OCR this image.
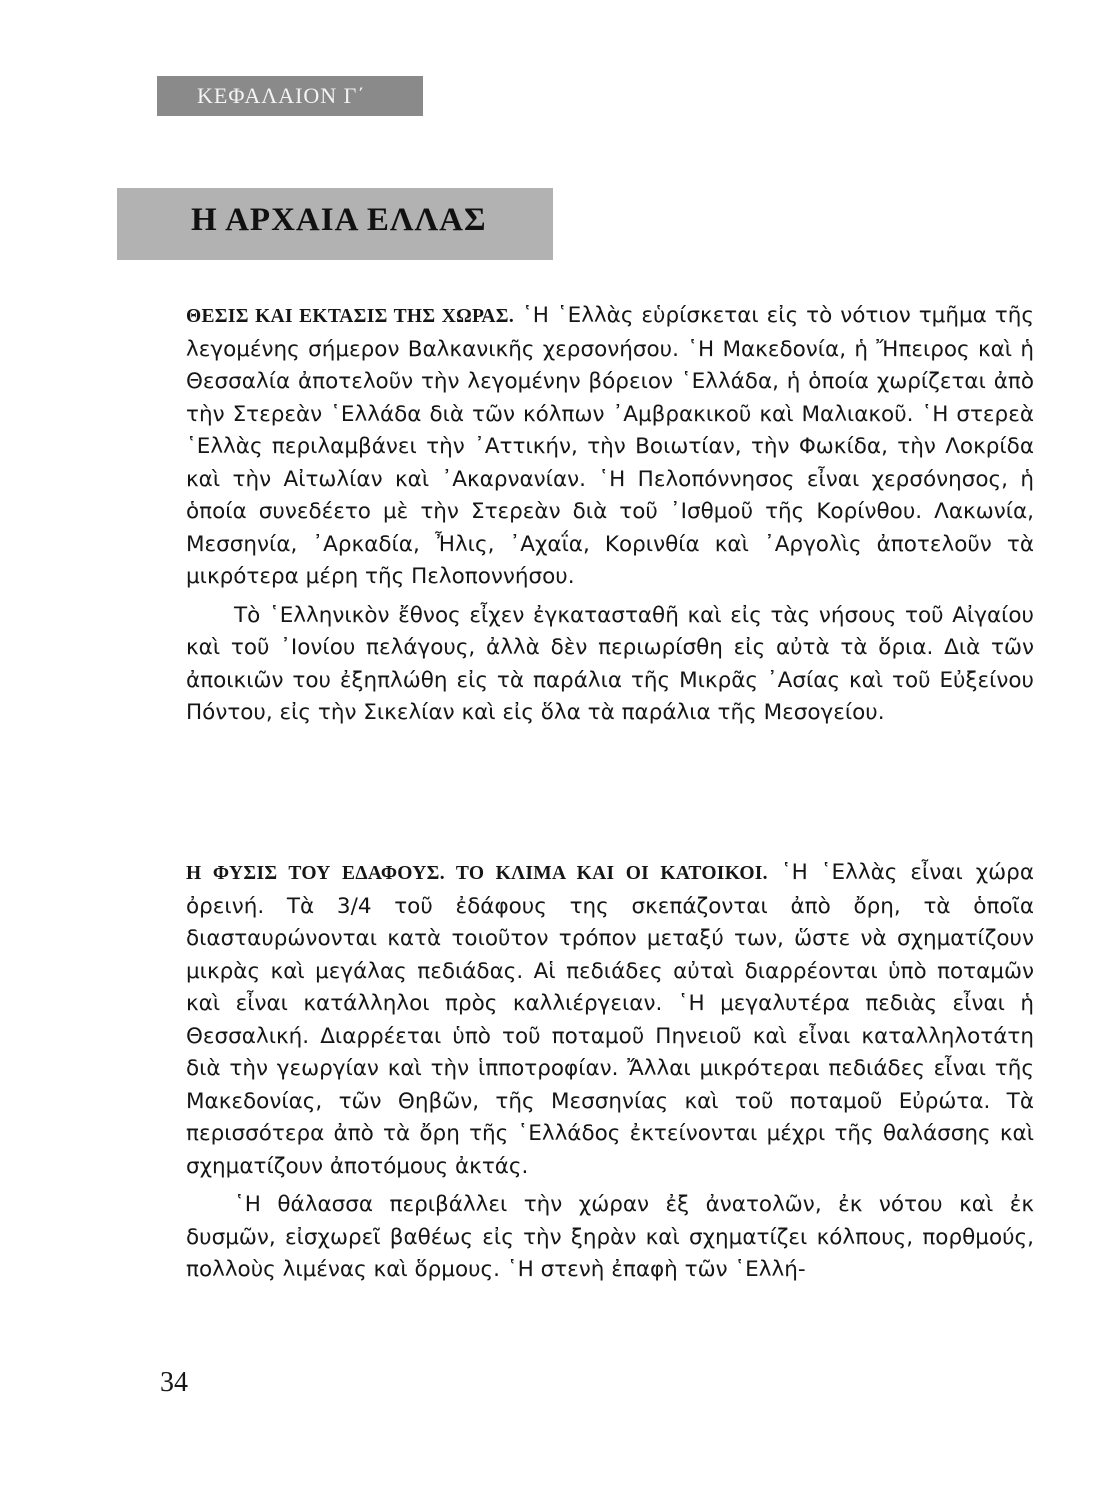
ΚΕΦΑΛΑΙΟΝ Γ΄
Η ΑΡΧΑΙΑ ΕΛΛΑΣ

ΘΕΣΙΣ ΚΑΙ ΕΚΤΑΣΙΣ ΤΗΣ ΧΩΡΑΣ. ῾Η ῾Ελλὰς εὑρίσκεται εἰς τὸ νότιον τμῆμα τῆς λεγομένης σήμερον Βαλκανικῆς χερσονήσου. ῾Η Μακεδονία, ἡ Ἤπειρος καὶ ἡ Θεσσαλία ἀποτελοῦν τὴν λεγομένην βόρειον ῾Ελλάδα, ἡ ὁποία χωρίζεται ἀπὸ τὴν Στερεὰν ῾Ελλάδα διὰ τῶν κόλπων ᾿Αμβρακικοῦ καὶ Μαλιακοῦ. ῾Η στερεὰ ῾Ελλὰς περιλαμβάνει τὴν ᾿Αττικήν, τὴν Βοιωτίαν, τὴν Φωκίδα, τὴν Λοκρίδα καὶ τὴν Αἰτωλίαν καὶ ᾿Ακαρνανίαν. ῾Η Πελοπόννησος εἶναι χερσόνησος, ἡ ὁποία συνεδέετο μὲ τὴν Στερεὰν διὰ τοῦ ᾿Ισθμοῦ τῆς Κορίνθου. Λακωνία, Μεσσηνία, ᾿Αρκαδία, Ἦλις, ᾿Αχαΐα, Κορινθία καὶ ᾿Αργολὶς ἀποτελοῦν τὰ μικρότερα μέρη τῆς Πελοποννήσου.

Τὸ ῾Ελληνικὸν ἔθνος εἶχεν ἐγκατασταθῆ καὶ εἰς τὰς νήσους τοῦ Αἰγαίου καὶ τοῦ ᾿Ιονίου πελάγους, ἀλλὰ δὲν περιωρίσθη εἰς αὐτὰ τὰ ὅρια. Διὰ τῶν ἀποικιῶν του ἐξηπλώθη εἰς τὰ παράλια τῆς Μικρᾶς ᾿Ασίας καὶ τοῦ Εὐξείνου Πόντου, εἰς τὴν Σικελίαν καὶ εἰς ὅλα τὰ παράλια τῆς Μεσογείου.

Η ΦΥΣΙΣ ΤΟΥ ΕΔΑΦΟΥΣ. ΤΟ ΚΛΙΜΑ ΚΑΙ ΟΙ ΚΑΤΟΙΚΟΙ. ῾Η ῾Ελλὰς εἶναι χώρα ὀρεινή. Τὰ 3/4 τοῦ ἐδάφους της σκεπάζονται ἀπὸ ὄρη, τὰ ὁποῖα διασταυρώνονται κατὰ τοιοῦτον τρόπον μεταξύ των, ὥστε νὰ σχηματίζουν μικρὰς καὶ μεγάλας πεδιάδας. Αἱ πεδιάδες αὐταὶ διαρρέονται ὑπὸ ποταμῶν καὶ εἶναι κατάλληλοι πρὸς καλλιέργειαν. ῾Η μεγαλυτέρα πεδιὰς εἶναι ἡ Θεσσαλική. Διαρρέεται ὑπὸ τοῦ ποταμοῦ Πηνειοῦ καὶ εἶναι καταλληλοτάτη διὰ τὴν γεωργίαν καὶ τὴν ἱπποτροφίαν. Ἄλλαι μικρότεραι πεδιάδες εἶναι τῆς Μακεδονίας, τῶν Θηβῶν, τῆς Μεσσηνίας καὶ τοῦ ποταμοῦ Εὐρώτα. Τὰ περισσότερα ἀπὸ τὰ ὄρη τῆς ῾Ελλάδος ἐκτείνονται μέχρι τῆς θαλάσσης καὶ σχηματίζουν ἀποτόμους ἀκτάς.

῾Η θάλασσα περιβάλλει τὴν χώραν ἐξ ἀνατολῶν, ἐκ νότου καὶ ἐκ δυσμῶν, εἰσχωρεῖ βαθέως εἰς τὴν ξηρὰν καὶ σχηματίζει κόλπους, πορθμούς, πολλοὺς λιμένας καὶ ὅρμους. ῾Η στενὴ ἐπαφὴ τῶν ῾Ελλή-

34
